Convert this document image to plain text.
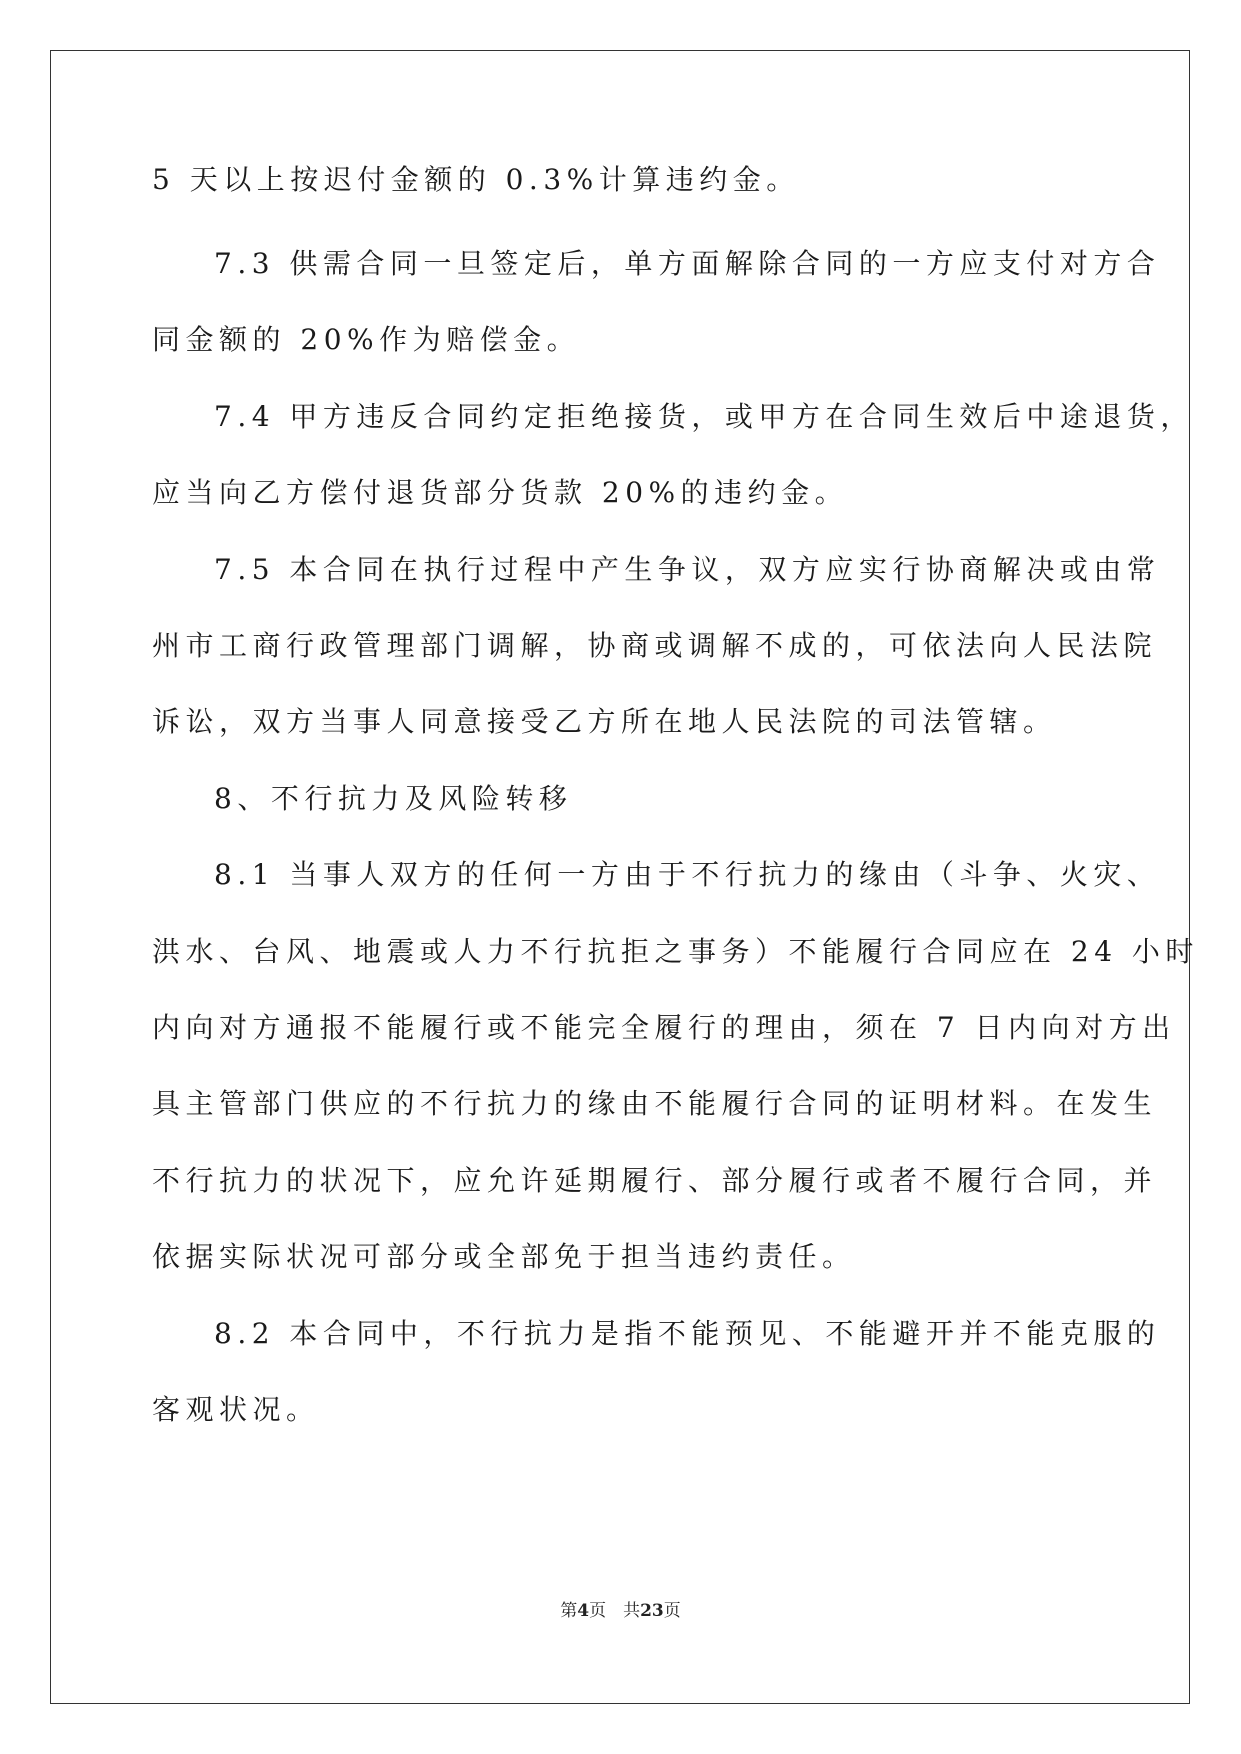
5 天以上按迟付金额的 0.3%计算违约金。
7.3 供需合同一旦签定后，单方面解除合同的一方应支付对方合
同金额的 20%作为赔偿金。
7.4 甲方违反合同约定拒绝接货，或甲方在合同生效后中途退货，
应当向乙方偿付退货部分货款 20%的违约金。
7.5 本合同在执行过程中产生争议，双方应实行协商解决或由常
州市工商行政管理部门调解，协商或调解不成的，可依法向人民法院
诉讼，双方当事人同意接受乙方所在地人民法院的司法管辖。
8、不行抗力及风险转移
8.1 当事人双方的任何一方由于不行抗力的缘由（斗争、火灾、
洪水、台风、地震或人力不行抗拒之事务）不能履行合同应在 24 小时
内向对方通报不能履行或不能完全履行的理由，须在 7 日内向对方出
具主管部门供应的不行抗力的缘由不能履行合同的证明材料。在发生
不行抗力的状况下，应允许延期履行、部分履行或者不履行合同，并
依据实际状况可部分或全部免于担当违约责任。
8.2 本合同中，不行抗力是指不能预见、不能避开并不能克服的
客观状况。
第4页　共23页
